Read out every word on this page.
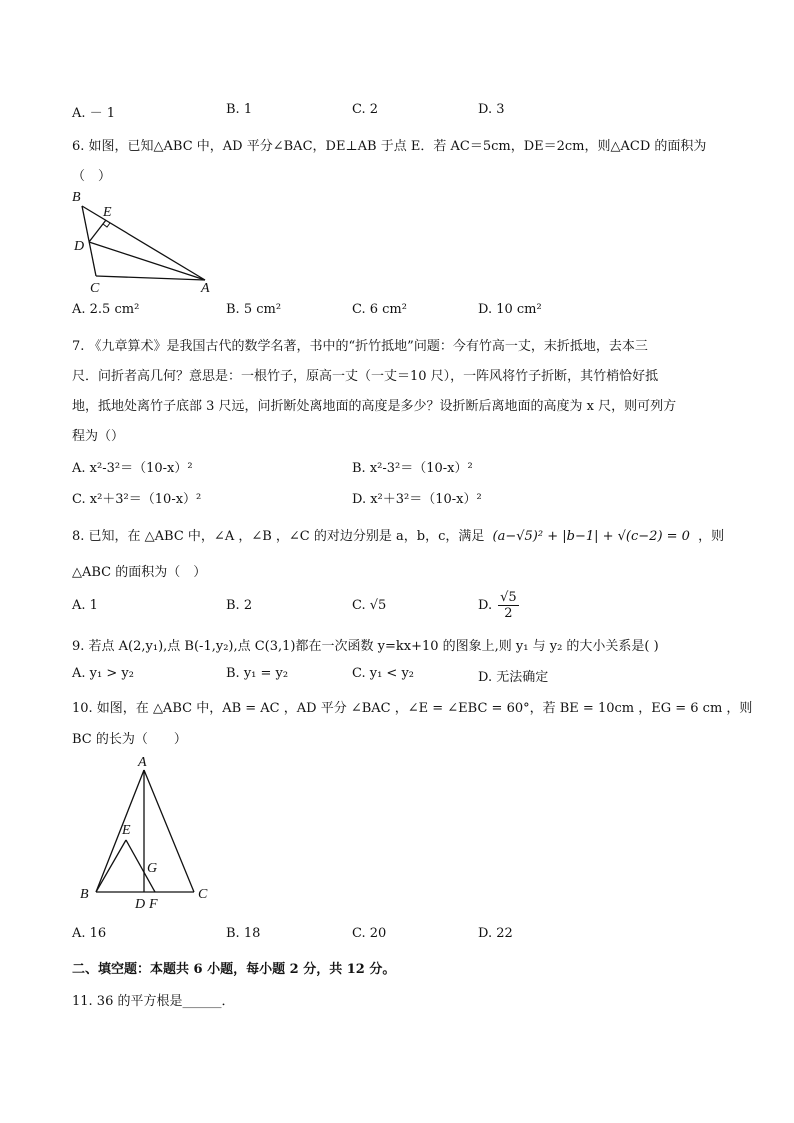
A. － 1	B. 1	C. 2	D. 3
6. 如图，已知△ABC 中，AD 平分∠BAC，DE⊥AB 于点 E．若 AC＝5cm，DE＝2cm，则△ACD 的面积为
（　）
B
E
D
C	A
A. 2.5 cm²	B. 5 cm²	C. 6 cm²	D. 10 cm²
7. 《九章算术》是我国古代的数学名著，书中的“折竹抵地”问题：今有竹高一丈，末折抵地，去本三
尺．问折者高几何？意思是：一根竹子，原高一丈（一丈＝10 尺），一阵风将竹子折断，其竹梢恰好抵
地，抵地处离竹子底部 3 尺远，问折断处离地面的高度是多少？设折断后离地面的高度为 x 尺，则可列方
程为（）
A. x²-3²＝（10-x）²	B. x²-3²＝（10-x）²
C. x²＋3²＝（10-x）²	D. x²＋3²＝（10-x）²
8. 已知，在 △ABC 中，∠A ，∠B ，∠C 的对边分别是 a，b，c，满足 (a−√5)² + |b−1| + √(c−2) = 0 ，则
△ABC 的面积为（　）
A. 1	B. 2	C. √5	D. $\frac{√5}{2}$
9. 若点 A(2,y₁),点 B(-1,y₂),点 C(3,1)都在一次函数 y=kx+10 的图象上,则 y₁ 与 y₂ 的大小关系是( )
A. y₁ > y₂	B. y₁ = y₂	C. y₁ < y₂	D. 无法确定
10. 如图，在 △ABC 中，AB = AC ，AD 平分 ∠BAC ，∠E = ∠EBC = 60°，若 BE = 10cm ，EG = 6 cm ，则
BC 的长为（　　）
A
E
G
B	C
D F
A. 16	B. 18	C. 20	D. 22
二、填空题：本题共 6 小题，每小题 2 分，共 12 分。
11. 36 的平方根是______．
